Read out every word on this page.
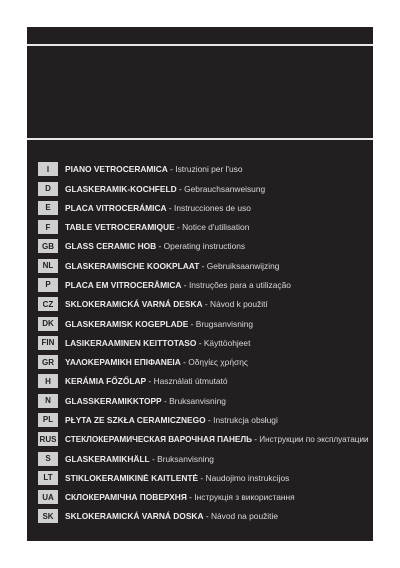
I	PIANO VETROCERAMICA - Istruzioni per l'uso
D	GLASKERAMIK-KOCHFELD - Gebrauchsanweisung
E	PLACA VITROCERÁMICA - Instrucciones de uso
F	TABLE VETROCERAMIQUE - Notice d'utilisation
GB	GLASS CERAMIC HOB - Operating instructions
NL	GLASKERAMISCHE KOOKPLAAT - Gebruiksaanwijzing
P	PLACA EM VITROCERÂMICA - Instruções para a utilização
CZ	SKLOKERAMICKÁ VARNÁ DESKA - Návod k použití
DK	GLASKERAMISK KOGEPLADE - Brugsanvisning
FIN	LASIKERAAMINEN KEITTOTASO - Käyttöohjeet
GR	ΥΑΛΟΚΕΡΑΜΙΚΗ ΕΠΙΦΑΝΕΙΑ - Οδηγίες χρήσης
H	KERÁMIA FŐZŐLAP - Használati útmutató
N	GLASSKERAMIKKTOPP - Bruksanvisning
PL	PŁYTA ZE SZKŁA CERAMICZNEGO - Instrukcja obsługi
RUS СТЕКЛОКЕРАМИЧЕСКАЯ ВАРОЧНАЯ ПАНЕЛЬ - Инструкции по эксплуатации
S	GLASKERAMIKHÄLL - Bruksanvisning
LT	STIKLOKERAMIKINĖ KAITLENTĖ - Naudojimo instrukcijos
UA	СКЛОКЕРАМІЧНА ПОВЕРХНЯ - Інструкція з використання
SK	SKLOKERAMICKÁ VARNÁ DOSKA - Návod na použitie
